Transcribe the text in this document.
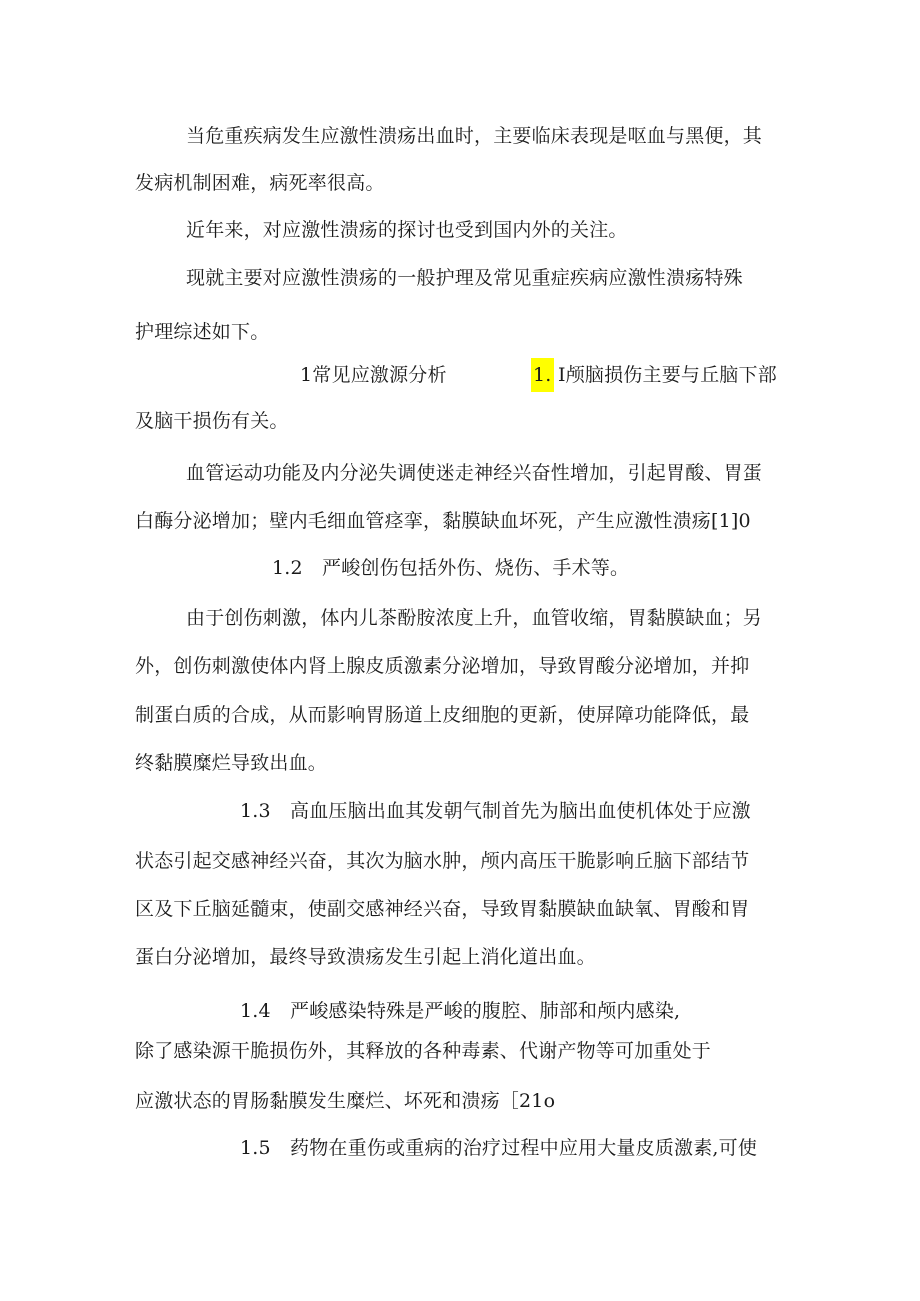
当危重疾病发生应激性溃疡出血时，主要临床表现是呕血与黑便，其
发病机制困难，病死率很高。
近年来，对应激性溃疡的探讨也受到国内外的关注。
现就主要对应激性溃疡的一般护理及常见重症疾病应激性溃疡特殊
护理综述如下。
1常见应激源分析	1. I颅脑损伤主要与丘脑下部
及脑干损伤有关。
血管运动功能及内分泌失调使迷走神经兴奋性增加，引起胃酸、胃蛋
白酶分泌增加；壁内毛细血管痉挛，黏膜缺血坏死，产生应激性溃疡[1]0
1.2　严峻创伤包括外伤、烧伤、手术等。
由于创伤刺激，体内儿茶酚胺浓度上升，血管收缩，胃黏膜缺血；另
外，创伤刺激使体内肾上腺皮质激素分泌增加，导致胃酸分泌增加，并抑
制蛋白质的合成，从而影响胃肠道上皮细胞的更新，使屏障功能降低，最
终黏膜糜烂导致出血。
1.3　高血压脑出血其发朝气制首先为脑出血使机体处于应激
状态引起交感神经兴奋，其次为脑水肿，颅内高压干脆影响丘脑下部结节
区及下丘脑延髓束，使副交感神经兴奋，导致胃黏膜缺血缺氧、胃酸和胃
蛋白分泌增加，最终导致溃疡发生引起上消化道出血。
1.4　严峻感染特殊是严峻的腹腔、肺部和颅内感染,
除了感染源干脆损伤外，其释放的各种毒素、代谢产物等可加重处于
应激状态的胃肠黏膜发生糜烂、坏死和溃疡［21o
1.5　药物在重伤或重病的治疗过程中应用大量皮质激素,可使
